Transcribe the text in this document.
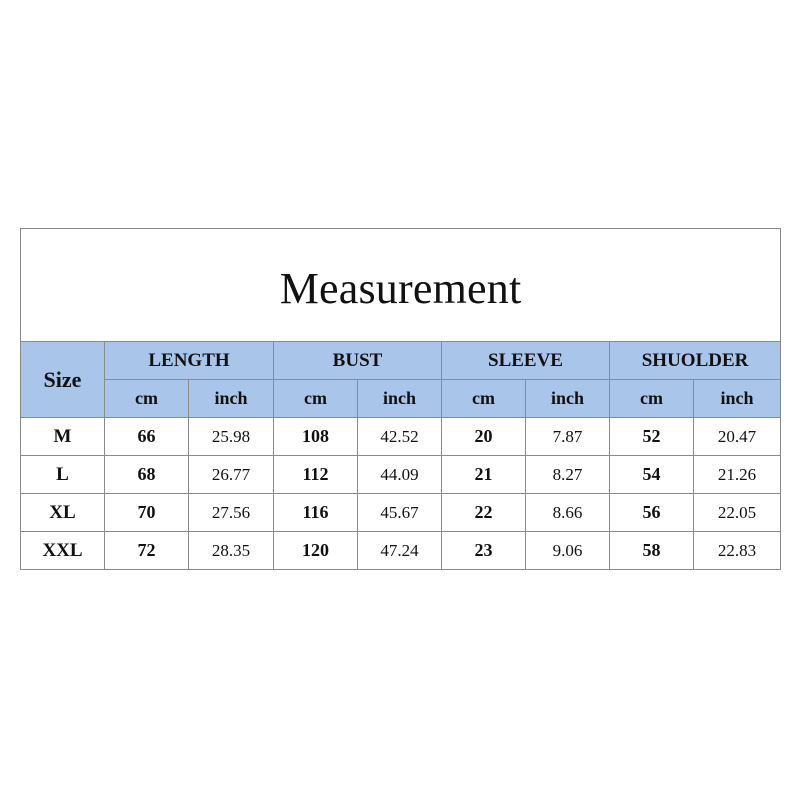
Measurement								
Size	LENGTH		BUST		SLEEVE		SHUOLDER	
	cm	inch	cm	inch	cm	inch	cm	inch
M	66	25.98	108	42.52	20	7.87	52	20.47
L	68	26.77	112	44.09	21	8.27	54	21.26
XL	70	27.56	116	45.67	22	8.66	56	22.05
XXL	72	28.35	120	47.24	23	9.06	58	22.83
